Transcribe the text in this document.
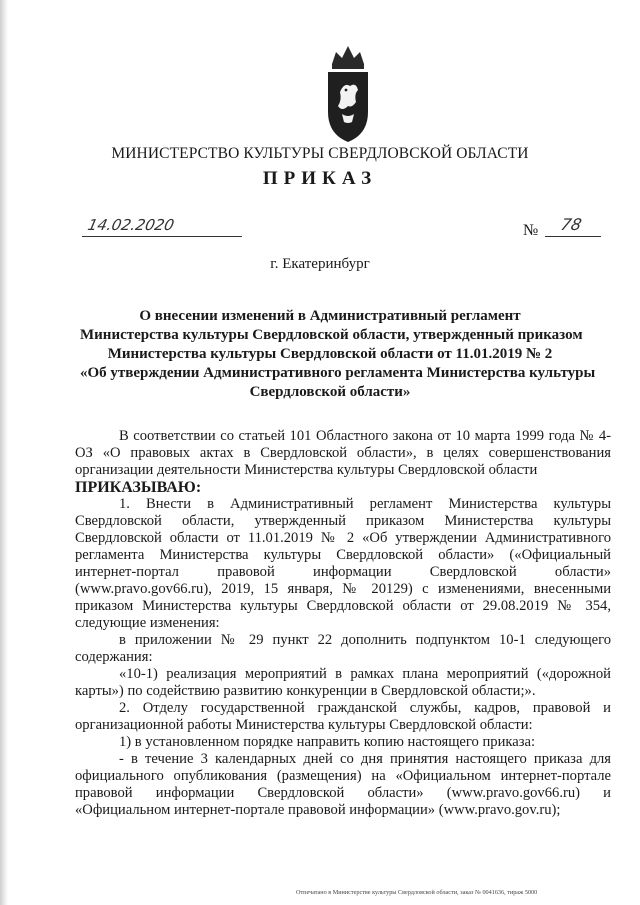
МИНИСТЕРСТВО КУЛЬТУРЫ СВЕРДЛОВСКОЙ ОБЛАСТИ
ПРИКАЗ
14.02.2020	№ 78
г. Екатеринбург
О внесении изменений в Административный регламент
Министерства культуры Свердловской области, утвержденный приказом
Министерства культуры Свердловской области от 11.01.2019 № 2
«Об утверждении Административного регламента Министерства культуры
Свердловской области»

В соответствии со статьей 101 Областного закона от 10 марта 1999 года № 4-ОЗ «О правовых актах в Свердловской области», в целях совершенствования организации деятельности Министерства культуры Свердловской области

ПРИКАЗЫВАЮ:

1. Внести в Административный регламент Министерства культуры Свердловской области, утвержденный приказом Министерства культуры Свердловской области от 11.01.2019 № 2 «Об утверждении Административного регламента Министерства культуры Свердловской области» («Официальный интернет-портал правовой информации Свердловской области» (www.pravo.gov66.ru), 2019, 15 января, № 20129) с изменениями, внесенными приказом Министерства культуры Свердловской области от 29.08.2019 № 354, следующие изменения:

в приложении № 29 пункт 22 дополнить подпунктом 10-1 следующего содержания:

«10-1) реализация мероприятий в рамках плана мероприятий («дорожной карты») по содействию развитию конкуренции в Свердловской области;».

2. Отделу государственной гражданской службы, кадров, правовой и организационной работы Министерства культуры Свердловской области:

1) в установленном порядке направить копию настоящего приказа:

- в течение 3 календарных дней со дня принятия настоящего приказа для официального опубликования (размещения) на «Официальном интернет-портале правовой информации Свердловской области» (www.pravo.gov66.ru) и «Официальном интернет-портале правовой информации» (www.pravo.gov.ru);

Отпечатано в Министерстве культуры Свердловской области, заказ № 0041636, тираж 5000
